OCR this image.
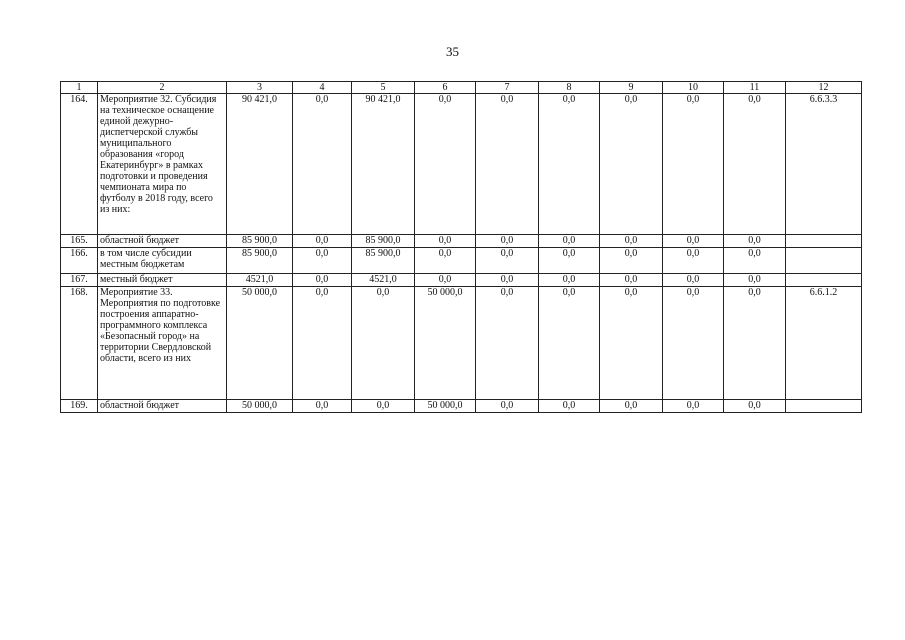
35
1	2	3	4	5	6	7	8	9	10	11	12
164.	Мероприятие 32. Субсидия на техническое оснащение единой дежурно-диспетчерской службы муниципального образования «город Екатеринбург» в рамках подготовки и проведения чемпионата мира по футболу в 2018 году, всего из них:	90 421,0	0,0	90 421,0	0,0	0,0	0,0	0,0	0,0	0,0	6.6.3.3
165.	областной бюджет	85 900,0	0,0	85 900,0	0,0	0,0	0,0	0,0	0,0	0,0	
166.	в том числе субсидии местным бюджетам	85 900,0	0,0	85 900,0	0,0	0,0	0,0	0,0	0,0	0,0	
167.	местный бюджет	4521,0	0,0	4521,0	0,0	0,0	0,0	0,0	0,0	0,0	
168.	Мероприятие 33. Мероприятия по подготовке построения аппаратно-программного комплекса «Безопасный город» на территории Свердловской области, всего из них	50 000,0	0,0	0,0	50 000,0	0,0	0,0	0,0	0,0	0,0	6.6.1.2
169.	областной бюджет	50 000,0	0,0	0,0	50 000,0	0,0	0,0	0,0	0,0	0,0	
